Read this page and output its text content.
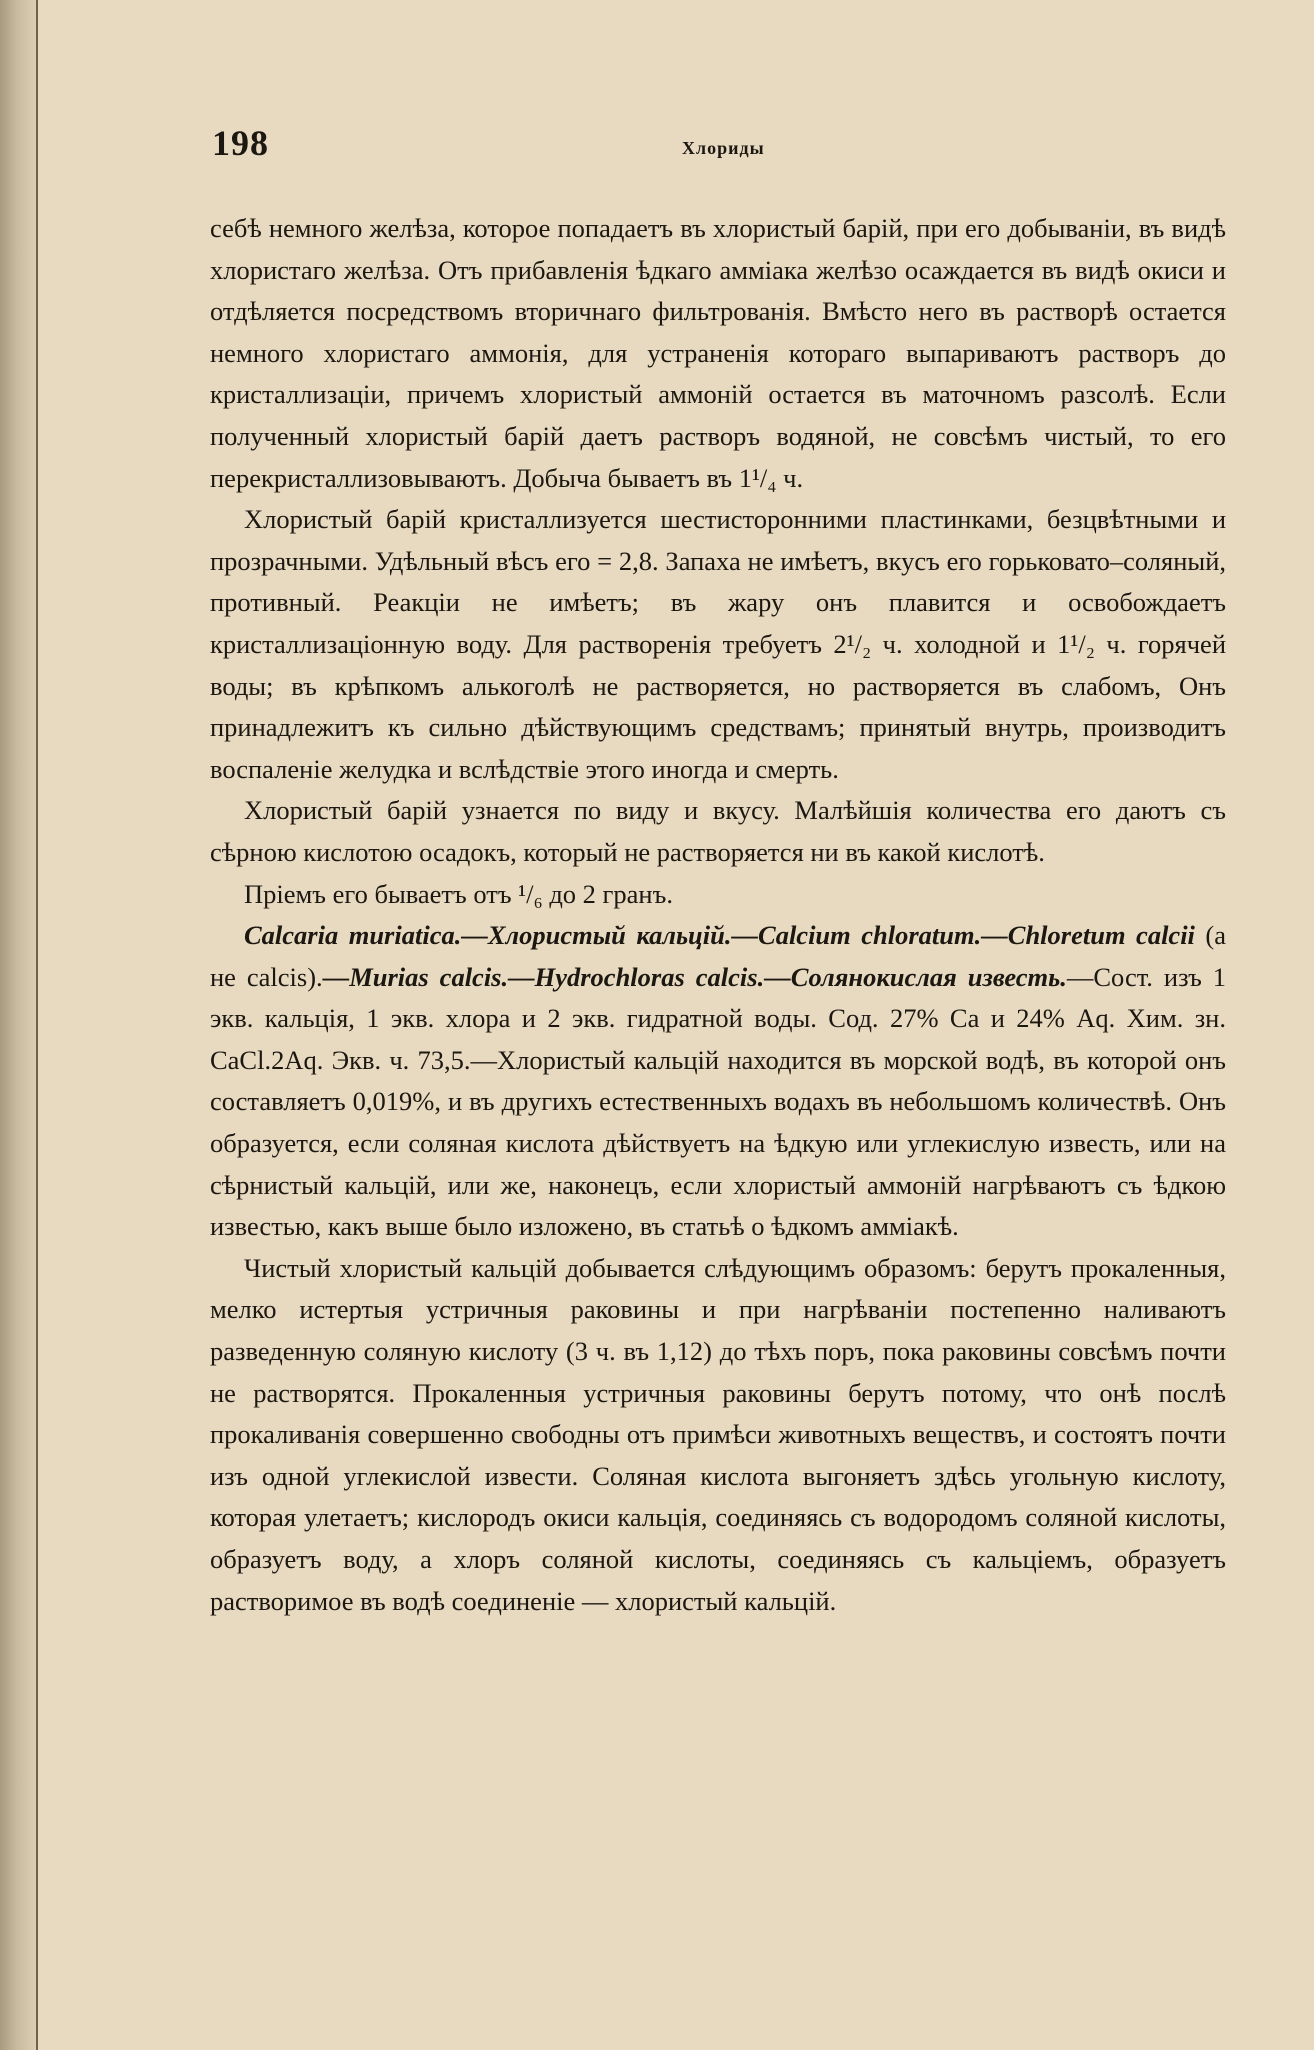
198	Хлориды

себѣ немного желѣза, которое попадаетъ въ хлористый барій, при его добываніи, въ видѣ хлористаго желѣза. Отъ прибавленія ѣдкаго амміака желѣзо осаждается въ видѣ окиси и отдѣляется посредствомъ вторичнаго фильтрованія. Вмѣсто него въ растворѣ остается немного хлористаго аммонія, для устраненія котораго выпариваютъ растворъ до кристаллизаціи, причемъ хлористый аммоній остается въ маточномъ разсолѣ. Если полученный хлористый барій даетъ растворъ водяной, не совсѣмъ чистый, то его перекристаллизовываютъ. Добыча бываетъ въ 1¹/₄ ч.

Хлористый барій кристаллизуется шестисторонними пластинками, безцвѣтными и прозрачными. Удѣльный вѣсъ его = 2,8. Запаха не имѣетъ, вкусъ его горьковато–соляный, противный. Реакціи не имѣетъ; въ жару онъ плавится и освобождаетъ кристаллизаціонную воду. Для растворенія требуетъ 2¹/₂ ч. холодной и 1¹/₂ ч. горячей воды; въ крѣпкомъ алькоголѣ не растворяется, но растворяется въ слабомъ, Онъ принадлежитъ къ сильно дѣйствующимъ средствамъ; принятый внутрь, производитъ воспаленіе желудка и вслѣдствіе этого иногда и смерть.

Хлористый барій узнается по виду и вкусу. Малѣйшія количества его даютъ съ сѣрною кислотою осадокъ, который не растворяется ни въ какой кислотѣ.

Пріемъ его бываетъ отъ ¹/₆ до 2 гранъ.

Calcaria muriatica.—Хлористый кальцій.—Calcium chloratum.—Chloretum calcii (а не calcis).—Murias calcis.—Hydrochloras calcis.—Солянокислая известь.—Сост. изъ 1 экв. кальція, 1 экв. хлора и 2 экв. гидратной воды. Сод. 27% Ca и 24% Aq. Хим. зн. CaCl.2Aq. Экв. ч. 73,5.—Хлористый кальцій находится въ морской водѣ, въ которой онъ составляетъ 0,019%, и въ другихъ естественныхъ водахъ въ небольшомъ количествѣ. Онъ образуется, если соляная кислота дѣйствуетъ на ѣдкую или углекислую известь, или на сѣрнистый кальцій, или же, наконецъ, если хлористый аммоній нагрѣваютъ съ ѣдкою известью, какъ выше было изложено, въ статьѣ о ѣдкомъ амміакѣ.

Чистый хлористый кальцій добывается слѣдующимъ образомъ: берутъ прокаленныя, мелко истертыя устричныя раковины и при нагрѣваніи постепенно наливаютъ разведенную соляную кислоту (3 ч. въ 1,12) до тѣхъ поръ, пока раковины совсѣмъ почти не растворятся. Прокаленныя устричныя раковины берутъ потому, что онѣ послѣ прокаливанія совершенно свободны отъ примѣси животныхъ веществъ, и состоятъ почти изъ одной углекислой извести. Соляная кислота выгоняетъ здѣсь угольную кислоту, которая улетаетъ; кислородъ окиси кальція, соединяясь съ водородомъ соляной кислоты, образуетъ воду, а хлоръ соляной кислоты, соединяясь съ кальціемъ, образуетъ растворимое въ водѣ соединеніе — хлористый кальцій.
